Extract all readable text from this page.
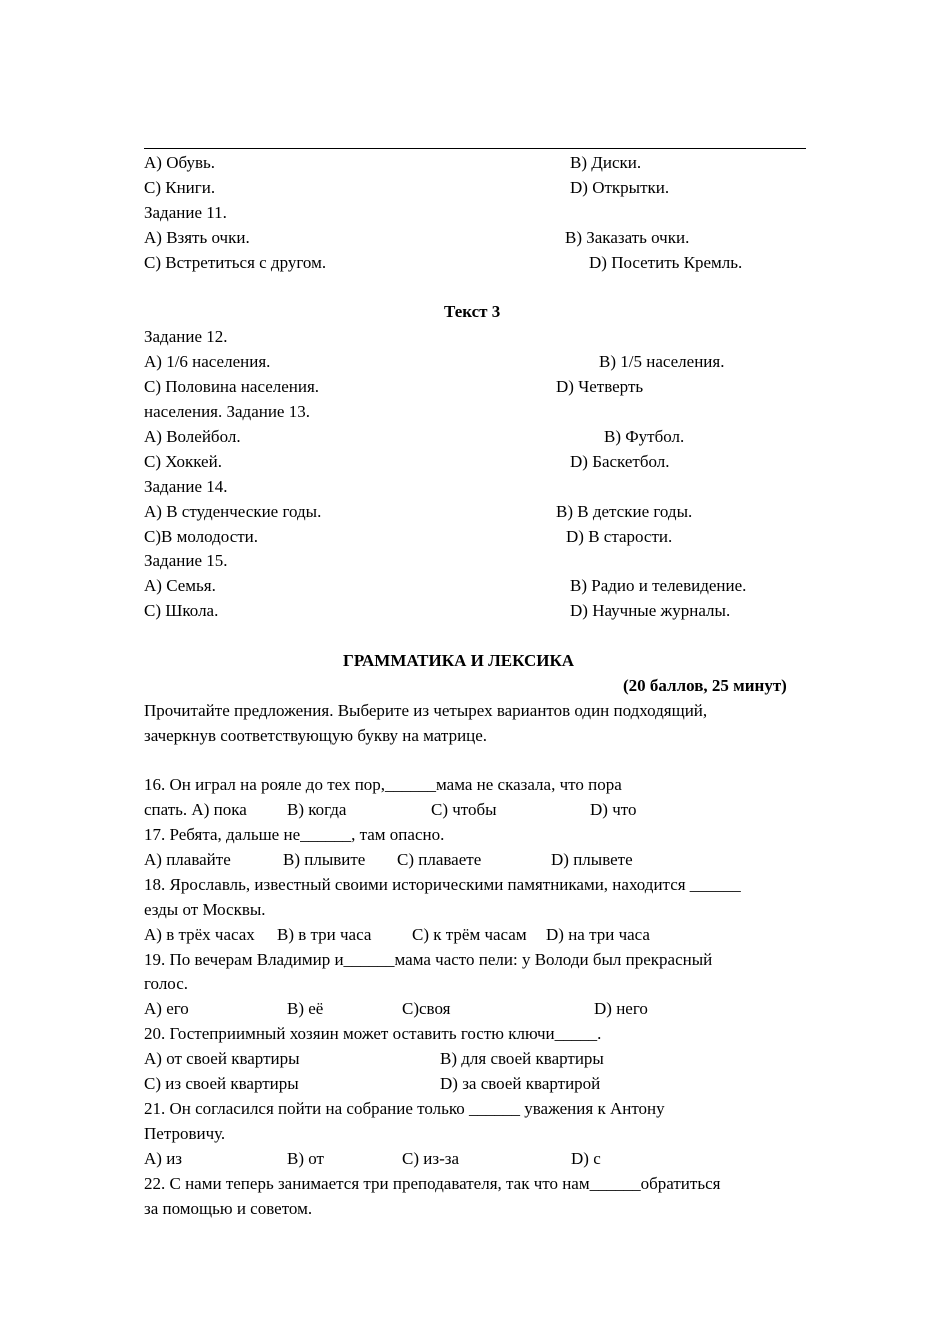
A) Обувь.	B) Диски.
C) Книги.	D) Открытки.
Задание 11.
A) Взять очки.	B) Заказать очки.
C) Встретиться с другом.	D) Посетить Кремль.
Текст 3
Задание 12.
A) 1/6 населения.	B) 1/5 населения.
C) Половина населения.	D) Четверть
населения. Задание 13.
A) Волейбол.	B) Футбол.
C) Хоккей.	D) Баскетбол.
Задание 14.
A) В студенческие годы.	B) В детские годы.
C)В молодости.	D) В старости.
Задание 15.
A) Семья.	B) Радио и телевидение.
C) Школа.	D) Научные журналы.
ГРАММАТИКА И ЛЕКСИКА
(20 баллов, 25 минут)
Прочитайте предложения. Выберите из четырех вариантов один подходящий,
зачеркнув соответствующую букву на матрице.
16. Он играл на рояле до тех пор,______мама не сказала, что пора
спать. A) пока B) когда	C) чтобы	D) что
17. Ребята, дальше не______, там опасно.
A) плавайте	B) плывите C) плаваете	D) плывете
18. Ярославль, известный своими историческими памятниками, находится ______
езды от Москвы.
A) в трёх часах B) в три часа C) к трём часам D) на три часа
19. По вечерам Владимир и______мама часто пели: у Володи был прекрасный
голос.
A) его	B) её	C)своя	D) него
20. Гостеприимный хозяин может оставить гостю ключи_____.
A) от своей квартиры	B) для своей квартиры
C) из своей квартиры	D) за своей квартирой
21. Он согласился пойти на собрание только ______ уважения к Антону
Петровичу.
A) из	B) от	C) из-за	D) с
22. С нами теперь занимается три преподавателя, так что нам______обратиться
за помощью и советом.
